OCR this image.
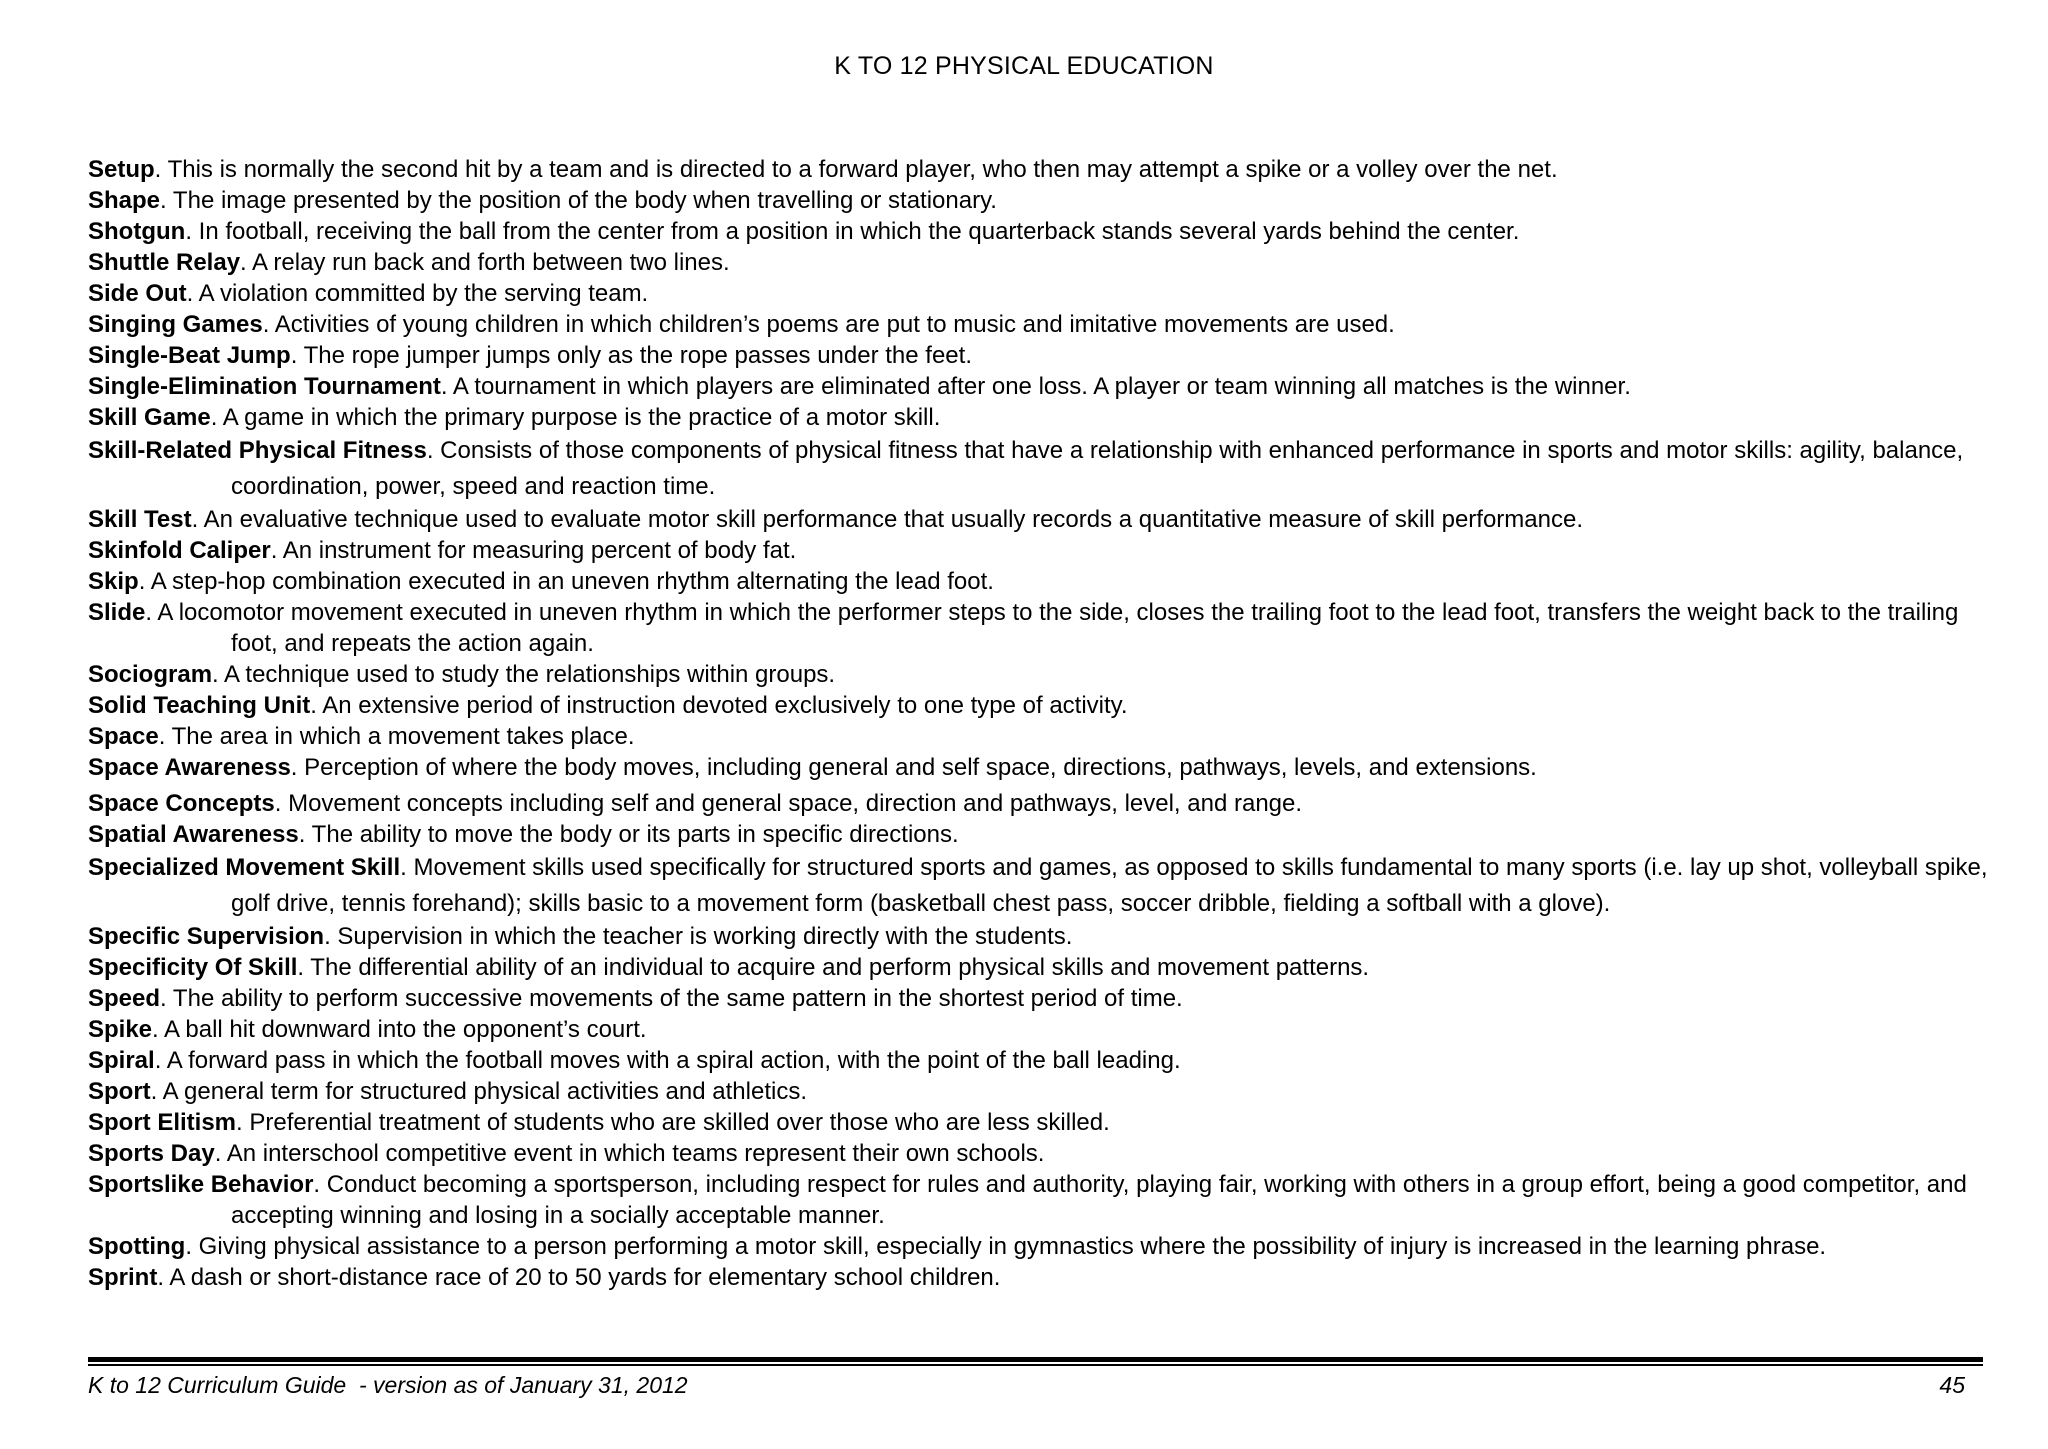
K TO 12 PHYSICAL EDUCATION

Setup. This is normally the second hit by a team and is directed to a forward player, who then may attempt a spike or a volley over the net.

Shape. The image presented by the position of the body when travelling or stationary.

Shotgun. In football, receiving the ball from the center from a position in which the quarterback stands several yards behind the center.

Shuttle Relay. A relay run back and forth between two lines.

Side Out. A violation committed by the serving team.

Singing Games. Activities of young children in which children’s poems are put to music and imitative movements are used.

Single-Beat Jump. The rope jumper jumps only as the rope passes under the feet.

Single-Elimination Tournament. A tournament in which players are eliminated after one loss. A player or team winning all matches is the winner.

Skill Game. A game in which the primary purpose is the practice of a motor skill.

Skill-Related Physical Fitness. Consists of those components of physical fitness that have a relationship with enhanced performance in sports and motor skills: agility, balance, coordination, power, speed and reaction time.

Skill Test. An evaluative technique used to evaluate motor skill performance that usually records a quantitative measure of skill performance.

Skinfold Caliper. An instrument for measuring percent of body fat.

Skip. A step-hop combination executed in an uneven rhythm alternating the lead foot.

Slide. A locomotor movement executed in uneven rhythm in which the performer steps to the side, closes the trailing foot to the lead foot, transfers the weight back to the trailing foot, and repeats the action again.

Sociogram. A technique used to study the relationships within groups.

Solid Teaching Unit. An extensive period of instruction devoted exclusively to one type of activity.

Space. The area in which a movement takes place.

Space Awareness. Perception of where the body moves, including general and self space, directions, pathways, levels, and extensions.

Space Concepts. Movement concepts including self and general space, direction and pathways, level, and range.

Spatial Awareness. The ability to move the body or its parts in specific directions.

Specialized Movement Skill. Movement skills used specifically for structured sports and games, as opposed to skills fundamental to many sports (i.e. lay up shot, volleyball spike, golf drive, tennis forehand); skills basic to a movement form (basketball chest pass, soccer dribble, fielding a softball with a glove).

Specific Supervision. Supervision in which the teacher is working directly with the students.

Specificity Of Skill. The differential ability of an individual to acquire and perform physical skills and movement patterns.

Speed. The ability to perform successive movements of the same pattern in the shortest period of time.

Spike. A ball hit downward into the opponent’s court.

Spiral. A forward pass in which the football moves with a spiral action, with the point of the ball leading.

Sport. A general term for structured physical activities and athletics.

Sport Elitism. Preferential treatment of students who are skilled over those who are less skilled.

Sports Day. An interschool competitive event in which teams represent their own schools.

Sportslike Behavior. Conduct becoming a sportsperson, including respect for rules and authority, playing fair, working with others in a group effort, being a good competitor, and accepting winning and losing in a socially acceptable manner.

Spotting. Giving physical assistance to a person performing a motor skill, especially in gymnastics where the possibility of injury is increased in the learning phrase.

Sprint. A dash or short-distance race of 20 to 50 yards for elementary school children.

K to 12 Curriculum Guide  - version as of January 31, 2012	45
